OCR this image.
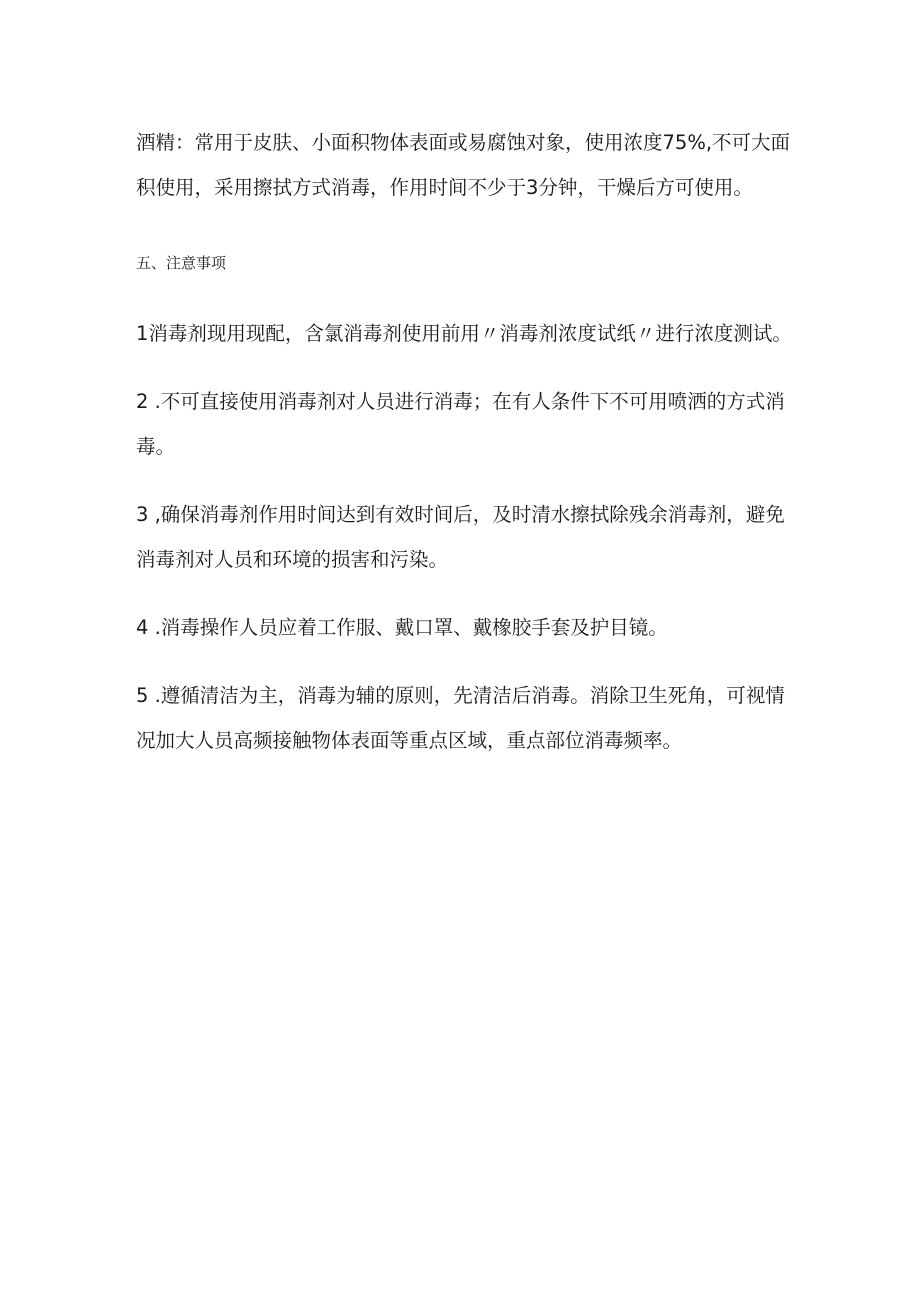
酒精：常用于皮肤、小面积物体表面或易腐蚀对象，使用浓度75%,不可大面积使用，采用擦拭方式消毒，作用时间不少于3分钟，干燥后方可使用。

五、注意事项

1消毒剂现用现配，含氯消毒剂使用前用〃消毒剂浓度试纸〃进行浓度测试。

2 .不可直接使用消毒剂对人员进行消毒；在有人条件下不可用喷洒的方式消毒。

3 ,确保消毒剂作用时间达到有效时间后，及时清水擦拭除残余消毒剂，避免消毒剂对人员和环境的损害和污染。

4 .消毒操作人员应着工作服、戴口罩、戴橡胶手套及护目镜。

5 .遵循清洁为主，消毒为辅的原则，先清洁后消毒。消除卫生死角，可视情况加大人员高频接触物体表面等重点区域，重点部位消毒频率。
